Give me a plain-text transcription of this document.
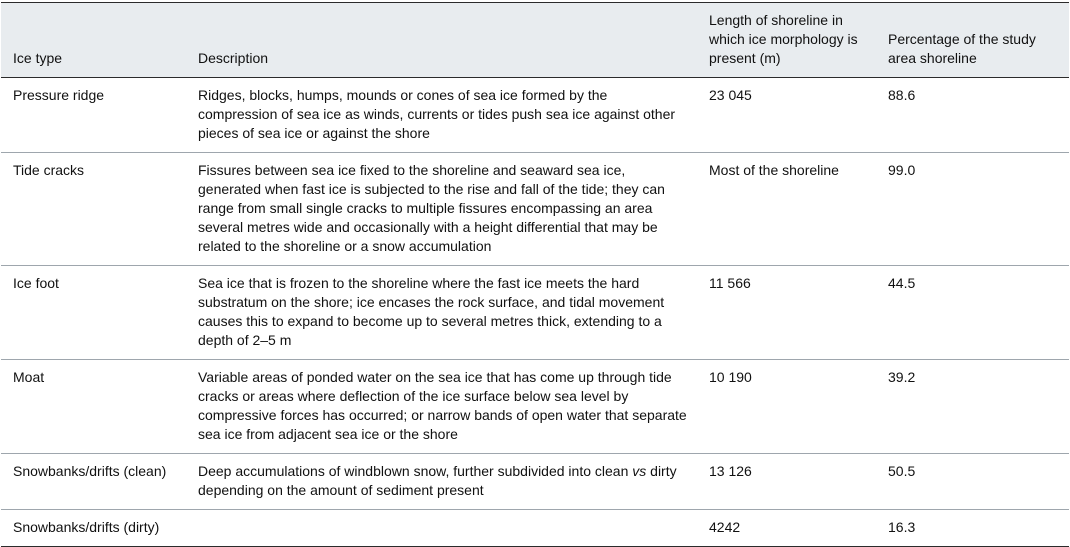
Ice type	Description	Length of shoreline in which ice morphology is present (m)	Percentage of the study area shoreline
Pressure ridge	Ridges, blocks, humps, mounds or cones of sea ice formed by the compression of sea ice as winds, currents or tides push sea ice against other pieces of sea ice or against the shore	23 045	88.6
Tide cracks	Fissures between sea ice fixed to the shoreline and seaward sea ice, generated when fast ice is subjected to the rise and fall of the tide; they can range from small single cracks to multiple fissures encompassing an area several metres wide and occasionally with a height differential that may be related to the shoreline or a snow accumulation	Most of the shoreline	99.0
Ice foot	Sea ice that is frozen to the shoreline where the fast ice meets the hard substratum on the shore; ice encases the rock surface, and tidal movement causes this to expand to become up to several metres thick, extending to a depth of 2–5 m	11 566	44.5
Moat	Variable areas of ponded water on the sea ice that has come up through tide cracks or areas where deflection of the ice surface below sea level by compressive forces has occurred; or narrow bands of open water that separate sea ice from adjacent sea ice or the shore	10 190	39.2
Snowbanks/drifts (clean)	Deep accumulations of windblown snow, further subdivided into clean vs dirty depending on the amount of sediment present	13 126	50.5
Snowbanks/drifts (dirty)		4242	16.3
